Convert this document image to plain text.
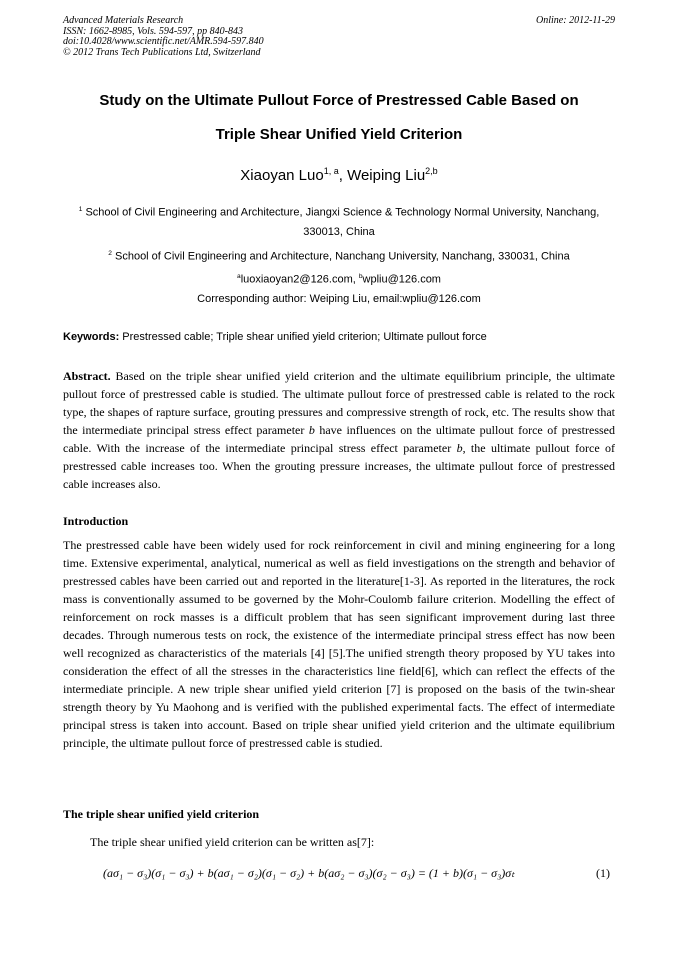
Advanced Materials Research
ISSN: 1662-8985, Vols. 594-597, pp 840-843
doi:10.4028/www.scientific.net/AMR.594-597.840
© 2012 Trans Tech Publications Ltd, Switzerland
Online: 2012-11-29
Study on the Ultimate Pullout Force of Prestressed Cable Based on
Triple Shear Unified Yield Criterion
Xiaoyan Luo$^{1, a}$, Weiping Liu$^{2,b}$
$^1$ School of Civil Engineering and Architecture, Jiangxi Science & Technology Normal University, Nanchang, 330013, China
$^2$ School of Civil Engineering and Architecture, Nanchang University, Nanchang, 330031, China
$^a$luoxiaoyan2@126.com, $^b$wpliu@126.com
Corresponding author: Weiping Liu, email:wpliu@126.com
Keywords: Prestressed cable; Triple shear unified yield criterion; Ultimate pullout force
Abstract. Based on the triple shear unified yield criterion and the ultimate equilibrium principle, the ultimate pullout force of prestressed cable is studied. The ultimate pullout force of prestressed cable is related to the rock type, the shapes of rapture surface, grouting pressures and compressive strength of rock, etc. The results show that the intermediate principal stress effect parameter b have influences on the ultimate pullout force of prestressed cable. With the increase of the intermediate principal stress effect parameter b, the ultimate pullout force of prestressed cable increases too. When the grouting pressure increases, the ultimate pullout force of prestressed cable increases also.
Introduction
The prestressed cable have been widely used for rock reinforcement in civil and mining engineering for a long time. Extensive experimental, analytical, numerical as well as field investigations on the strength and behavior of prestressed cables have been carried out and reported in the literature[1-3]. As reported in the literatures, the rock mass is conventionally assumed to be governed by the Mohr-Coulomb failure criterion. Modelling the effect of reinforcement on rock masses is a difficult problem that has seen significant improvement during last three decades. Through numerous tests on rock, the existence of the intermediate principal stress effect has now been well recognized as characteristics of the materials [4] [5].The unified strength theory proposed by YU takes into consideration the effect of all the stresses in the characteristics line field[6], which can reflect the effects of the intermediate principle. A new triple shear unified yield criterion [7] is proposed on the basis of the twin-shear strength theory by Yu Maohong and is verified with the published experimental facts. The effect of intermediate principal stress is taken into account. Based on triple shear unified yield criterion and the ultimate equilibrium principle, the ultimate pullout force of prestressed cable is studied.
The triple shear unified yield criterion
The triple shear unified yield criterion can be written as[7]:
(aσ₁ − σ₃)(σ₁ − σ₃) + b(aσ₁ − σ₂)(σ₁ − σ₂) + b(aσ₂ − σ₃)(σ₂ − σ₃) = (1 + b)(σ₁ − σ₃)σₜ	(1)
